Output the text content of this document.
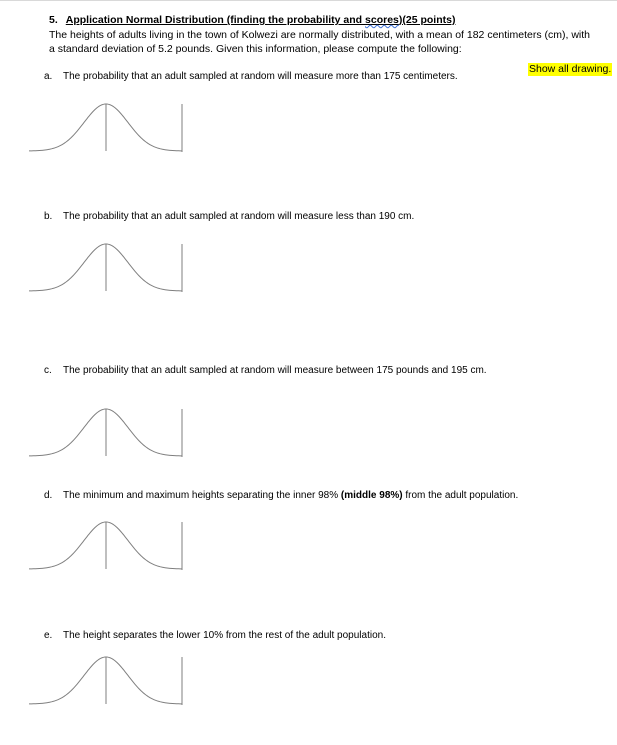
5. Application Normal Distribution (finding the probability and scores)(25 points)
The heights of adults living in the town of Kolwezi are normally distributed, with a mean of 182 centimeters (cm), with a standard deviation of 5.2 pounds. Given this information, please compute the following:
Show all drawing.
a. The probability that an adult sampled at random will measure more than 175 centimeters.
b. The probability that an adult sampled at random will measure less than 190 cm.
c. The probability that an adult sampled at random will measure between 175 pounds and 195 cm.
d. The minimum and maximum heights separating the inner 98% (middle 98%) from the adult population.
e. The height separates the lower 10% from the rest of the adult population.
